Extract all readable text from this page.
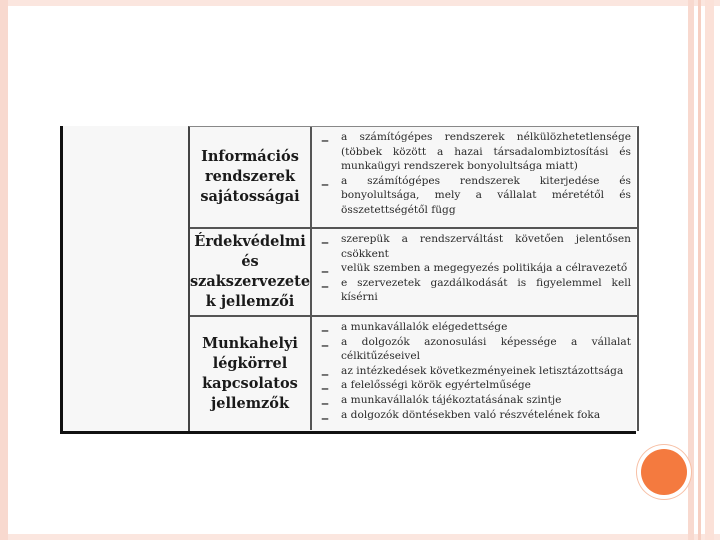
Információs
rendszerek
sajátosságai
– a számítógépes rendszerek nélkülözhetetlensége
(többek között a hazai társadalombiztosítási és
munkaügyi rendszerek bonyolultsága miatt)
– a számítógépes rendszerek kiterjedése és
bonyolultsága, mely a vállalat méretétől és
összetettségétől függ
Érdekvédelmi
és
szakszervezete
k jellemzői
– szerepük a rendszerváltást követően jelentősen
csökkent
– velük szemben a megegyezés politikája a célravezető
– e szervezetek gazdálkodását is figyelemmel kell
kísérni
Munkahelyi
légkörrel
kapcsolatos
jellemzők
– a munkavállalók elégedettsége
– a dolgozók azonosulási képessége a vállalat
célkitűzéseivel
– az intézkedések következményeinek letisztázottsága
– a felelősségi körök egyértelműsége
– a munkavállalók tájékoztatásának szintje
– a dolgozók döntésekben való részvételének foka
